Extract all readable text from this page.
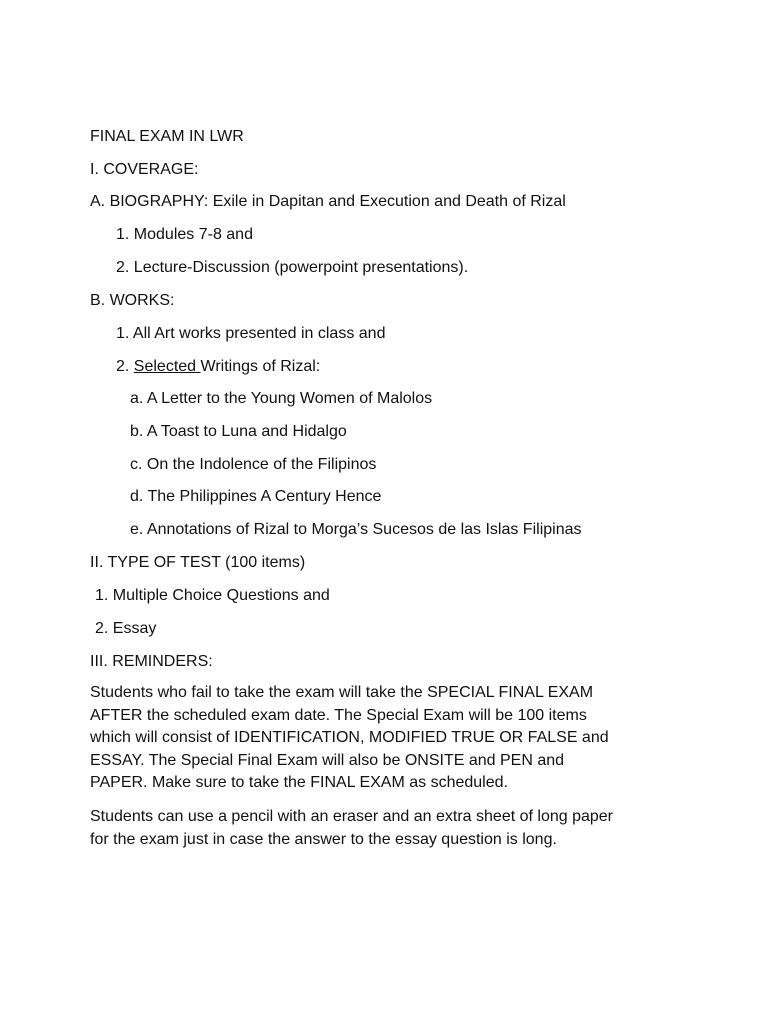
FINAL EXAM IN LWR
I. COVERAGE:
A. BIOGRAPHY: Exile in Dapitan and Execution and Death of Rizal
1. Modules 7-8 and
2. Lecture-Discussion (powerpoint presentations).
B. WORKS:
1. All Art works presented in class and
2. Selected Writings of Rizal:
a. A Letter to the Young Women of Malolos
b. A Toast to Luna and Hidalgo
c. On the Indolence of the Filipinos
d. The Philippines A Century Hence
e. Annotations of Rizal to Morga’s Sucesos de las Islas Filipinas
II. TYPE OF TEST (100 items)
1. Multiple Choice Questions and
2. Essay
III. REMINDERS:
Students who fail to take the exam will take the SPECIAL FINAL EXAM
AFTER the scheduled exam date. The Special Exam will be 100 items
which will consist of IDENTIFICATION, MODIFIED TRUE OR FALSE and
ESSAY. The Special Final Exam will also be ONSITE and PEN and
PAPER. Make sure to take the FINAL EXAM as scheduled.
Students can use a pencil with an eraser and an extra sheet of long paper
for the exam just in case the answer to the essay question is long.
